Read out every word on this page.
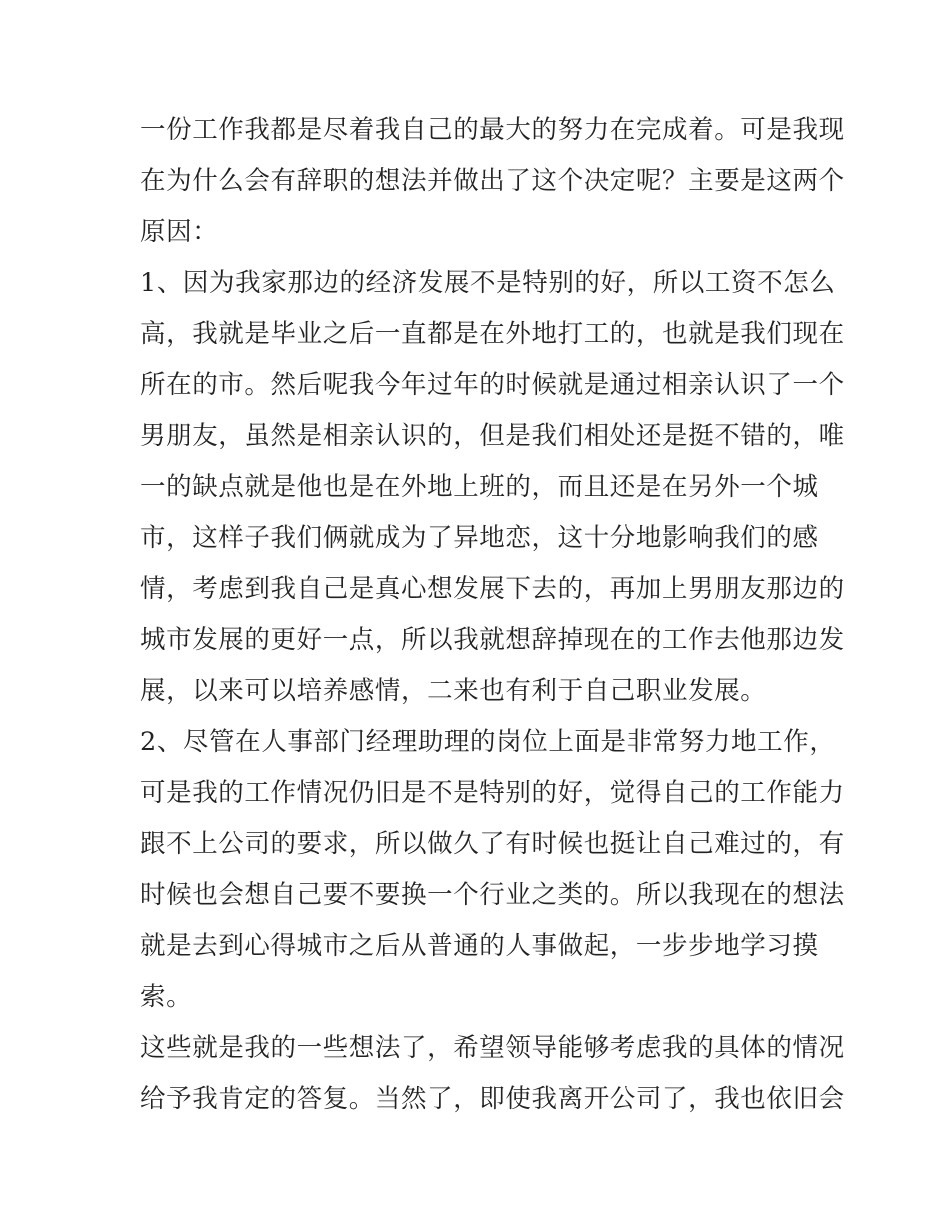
一份工作我都是尽着我自己的最大的努力在完成着。可是我现
在为什么会有辞职的想法并做出了这个决定呢？主要是这两个
原因：
1、因为我家那边的经济发展不是特别的好，所以工资不怎么
高，我就是毕业之后一直都是在外地打工的，也就是我们现在
所在的市。然后呢我今年过年的时候就是通过相亲认识了一个
男朋友，虽然是相亲认识的，但是我们相处还是挺不错的，唯
一的缺点就是他也是在外地上班的，而且还是在另外一个城
市，这样子我们俩就成为了异地恋，这十分地影响我们的感
情，考虑到我自己是真心想发展下去的，再加上男朋友那边的
城市发展的更好一点，所以我就想辞掉现在的工作去他那边发
展，以来可以培养感情，二来也有利于自己职业发展。
2、尽管在人事部门经理助理的岗位上面是非常努力地工作，
可是我的工作情况仍旧是不是特别的好，觉得自己的工作能力
跟不上公司的要求，所以做久了有时候也挺让自己难过的，有
时候也会想自己要不要换一个行业之类的。所以我现在的想法
就是去到心得城市之后从普通的人事做起，一步步地学习摸
索。
这些就是我的一些想法了，希望领导能够考虑我的具体的情况
给予我肯定的答复。当然了，即使我离开公司了，我也依旧会
